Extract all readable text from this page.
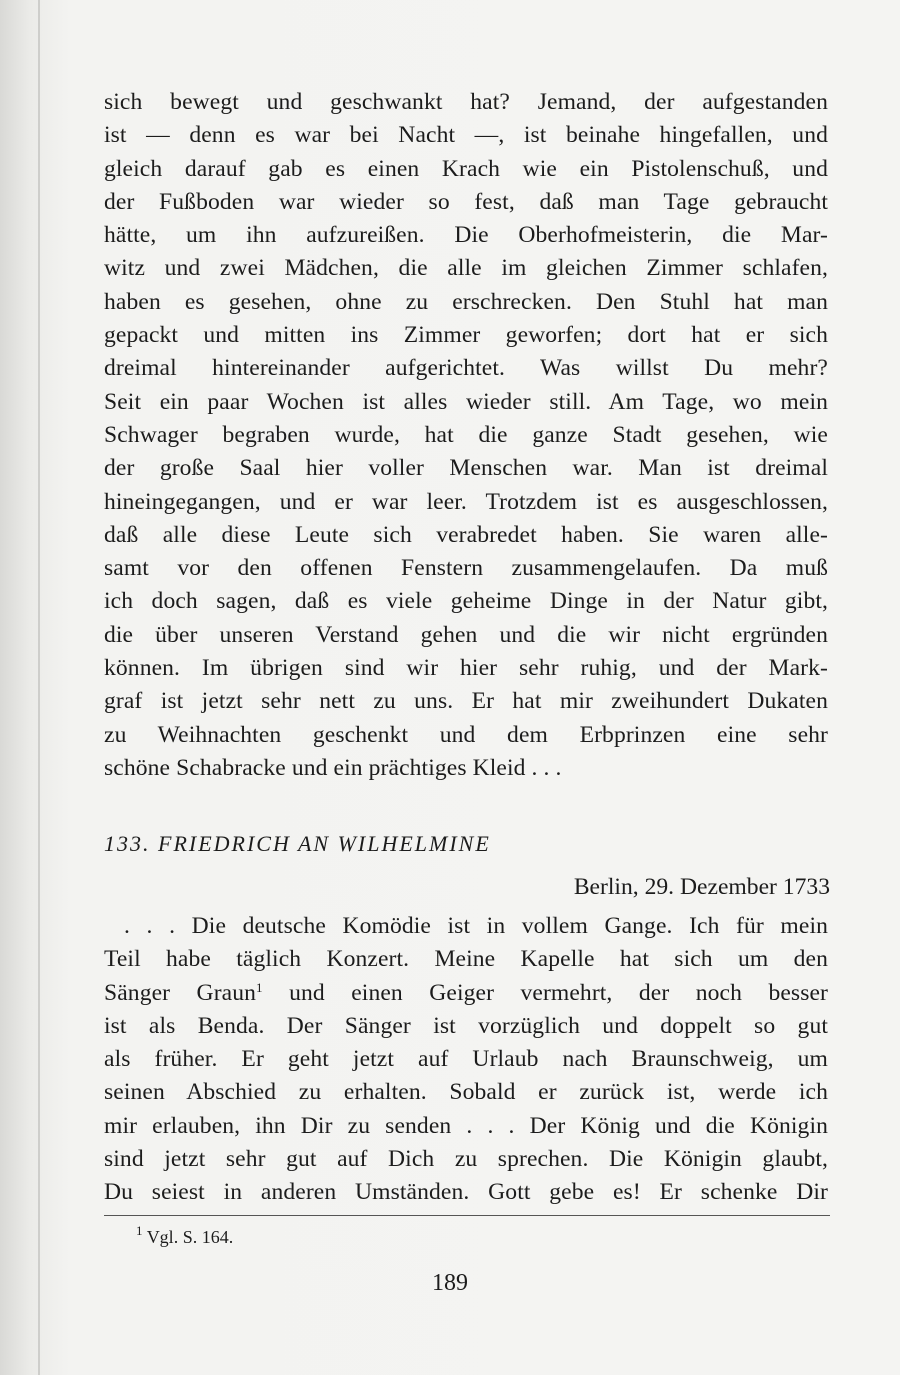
sich bewegt und geschwankt hat? Jemand, der aufgestanden
ist — denn es war bei Nacht —, ist beinahe hingefallen, und
gleich darauf gab es einen Krach wie ein Pistolenschuß, und
der Fußboden war wieder so fest, daß man Tage gebraucht
hätte, um ihn aufzureißen. Die Oberhofmeisterin, die Mar-
witz und zwei Mädchen, die alle im gleichen Zimmer schlafen,
haben es gesehen, ohne zu erschrecken. Den Stuhl hat man
gepackt und mitten ins Zimmer geworfen; dort hat er sich
dreimal hintereinander aufgerichtet. Was willst Du mehr?
Seit ein paar Wochen ist alles wieder still. Am Tage, wo mein
Schwager begraben wurde, hat die ganze Stadt gesehen, wie
der große Saal hier voller Menschen war. Man ist dreimal
hineingegangen, und er war leer. Trotzdem ist es ausgeschlossen,
daß alle diese Leute sich verabredet haben. Sie waren alle-
samt vor den offenen Fenstern zusammengelaufen. Da muß
ich doch sagen, daß es viele geheime Dinge in der Natur gibt,
die über unseren Verstand gehen und die wir nicht ergründen
können. Im übrigen sind wir hier sehr ruhig, und der Mark-
graf ist jetzt sehr nett zu uns. Er hat mir zweihundert Dukaten
zu Weihnachten geschenkt und dem Erbprinzen eine sehr
schöne Schabracke und ein prächtiges Kleid . . .
133. FRIEDRICH AN WILHELMINE
Berlin, 29. Dezember 1733
. . . Die deutsche Komödie ist in vollem Gange. Ich für mein
Teil habe täglich Konzert. Meine Kapelle hat sich um den
Sänger Graun$^1$ und einen Geiger vermehrt, der noch besser
ist als Benda. Der Sänger ist vorzüglich und doppelt so gut
als früher. Er geht jetzt auf Urlaub nach Braunschweig, um
seinen Abschied zu erhalten. Sobald er zurück ist, werde ich
mir erlauben, ihn Dir zu senden . . . Der König und die Königin
sind jetzt sehr gut auf Dich zu sprechen. Die Königin glaubt,
Du seiest in anderen Umständen. Gott gebe es! Er schenke Dir
$^1$ Vgl. S. 164.
189
